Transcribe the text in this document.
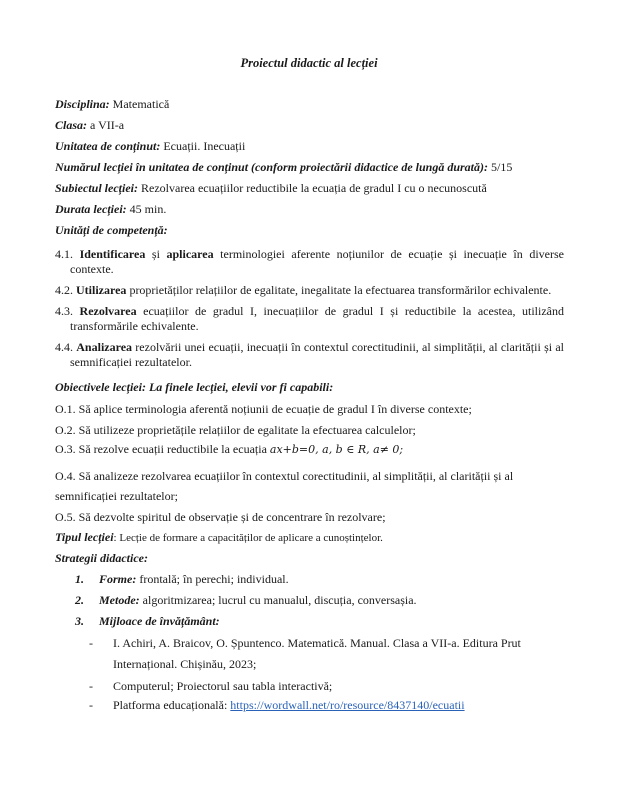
Proiectul didactic al lecției
Disciplina: Matematică
Clasa: a VII-a
Unitatea de conținut: Ecuații. Inecuații
Numărul lecției în unitatea de conținut (conform proiectării didactice de lungă durată): 5/15
Subiectul lecției: Rezolvarea ecuațiilor reductibile la ecuația de gradul I cu o necunoscută
Durata lecției: 45 min.
Unități de competență:
4.1. Identificarea și aplicarea terminologiei aferente noțiunilor de ecuație și inecuație în diverse contexte.
4.2. Utilizarea proprietăților relațiilor de egalitate, inegalitate la efectuarea transformărilor echivalente.
4.3. Rezolvarea ecuațiilor de gradul I, inecuațiilor de gradul I și reductibile la acestea, utilizând transformările echivalente.
4.4. Analizarea rezolvării unei ecuații, inecuații în contextul corectitudinii, al simplității, al clarității și al semnificației rezultatelor.
Obiectivele lecției: La finele lecției, elevii vor fi capabili:
O.1. Să aplice terminologia aferentă noțiunii de ecuație de gradul I în diverse contexte;
O.2. Să utilizeze proprietățile relațiilor de egalitate la efectuarea calculelor;
O.3. Să rezolve ecuații reductibile la ecuația ax+b=0, a, b ∈ R, a≠ 0;
O.4. Să analizeze rezolvarea ecuațiilor în contextul corectitudinii, al simplității, al clarității și al
semnificației rezultatelor;
O.5. Să dezvolte spiritul de observație și de concentrare în rezolvare;
Tipul lecției: Lecție de formare a capacităților de aplicare a cunoștințelor.
Strategii didactice:
1. Forme: frontală; în perechi; individual.
2. Metode: algoritmizarea; lucrul cu manualul, discuția, conversașia.
3. Mijloace de învățământ:
- I. Achiri, A. Braicov, O. Șpuntenco. Matematică. Manual. Clasa a VII-a. Editura Prut
Internațional. Chișinău, 2023;
- Computerul; Proiectorul sau tabla interactivă;
- Platforma educațională: https://wordwall.net/ro/resource/8437140/ecuatii
